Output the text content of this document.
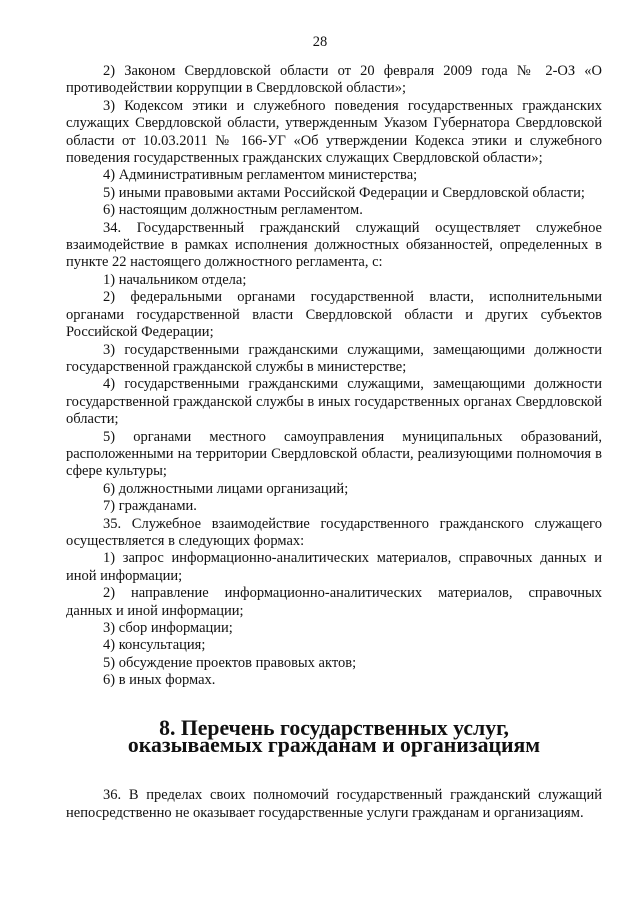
28

2) Законом Свердловской области от 20 февраля 2009 года № 2-ОЗ «О противодействии коррупции в Свердловской области»;

3) Кодексом этики и служебного поведения государственных гражданских служащих Свердловской области, утвержденным Указом Губернатора Свердловской области от 10.03.2011 № 166-УГ «Об утверждении Кодекса этики и служебного поведения государственных гражданских служащих Свердловской области»;

4) Административным регламентом министерства;

5) иными правовыми актами Российской Федерации и Свердловской области;

6) настоящим должностным регламентом.

34. Государственный гражданский служащий осуществляет служебное взаимодействие в рамках исполнения должностных обязанностей, определенных в пункте 22 настоящего должностного регламента, с:

1) начальником отдела;

2) федеральными органами государственной власти, исполнительными органами государственной власти Свердловской области и других субъектов Российской Федерации;

3) государственными гражданскими служащими, замещающими должности государственной гражданской службы в министерстве;

4) государственными гражданскими служащими, замещающими должности государственной гражданской службы в иных государственных органах Свердловской области;

5) органами местного самоуправления муниципальных образований, расположенными на территории Свердловской области, реализующими полномочия в сфере культуры;

6) должностными лицами организаций;

7) гражданами.

35. Служебное взаимодействие государственного гражданского служащего осуществляется в следующих формах:

1) запрос информационно-аналитических материалов, справочных данных и иной информации;

2) направление информационно-аналитических материалов, справочных данных и иной информации;

3) сбор информации;

4) консультация;

5) обсуждение проектов правовых актов;

6) в иных формах.

8. Перечень государственных услуг, оказываемых гражданам и организациям

36. В пределах своих полномочий государственный гражданский служащий непосредственно не оказывает государственные услуги гражданам и организациям.
